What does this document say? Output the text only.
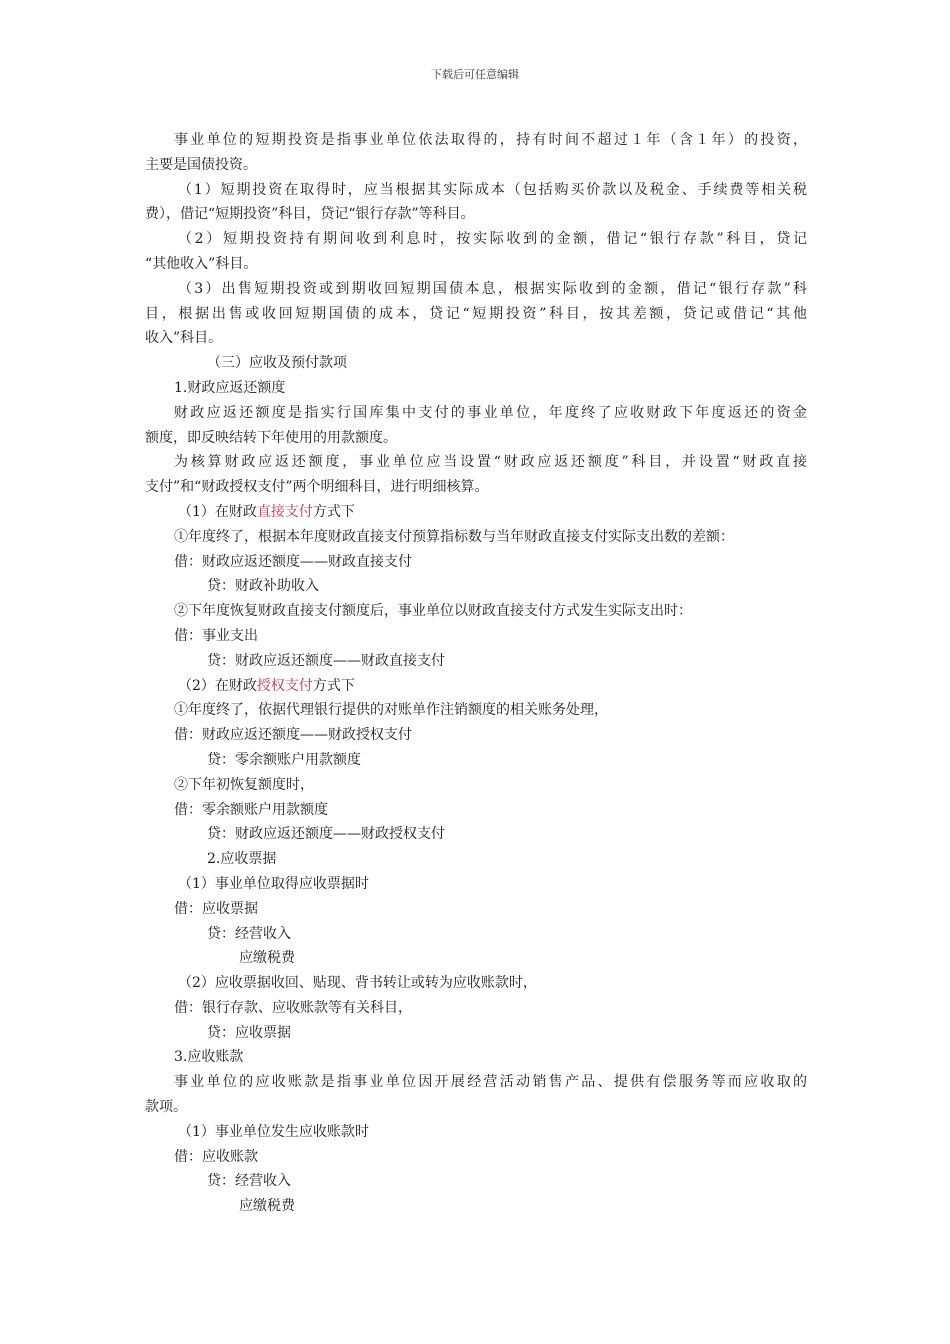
下载后可任意编辑
事业单位的短期投资是指事业单位依法取得的，持有时间不超过１年（含１年）的投资，
主要是国债投资。
（1）短期投资在取得时，应当根据其实际成本（包括购买价款以及税金、手续费等相关税
费），借记“短期投资”科目，贷记“银行存款”等科目。
（2）短期投资持有期间收到利息时，按实际收到的金额，借记“银行存款”科目，贷记
“其他收入”科目。
（3）出售短期投资或到期收回短期国债本息，根据实际收到的金额，借记“银行存款”科
目，根据出售或收回短期国债的成本，贷记“短期投资”科目，按其差额，贷记或借记“其他
收入”科目。
（三）应收及预付款项
1.财政应返还额度
财政应返还额度是指实行国库集中支付的事业单位，年度终了应收财政下年度返还的资金
额度，即反映结转下年使用的用款额度。
为核算财政应返还额度，事业单位应当设置“财政应返还额度”科目，并设置“财政直接
支付”和“财政授权支付”两个明细科目，进行明细核算。
（1）在财政直接支付方式下
①年度终了，根据本年度财政直接支付预算指标数与当年财政直接支付实际支出数的差额：
借：财政应返还额度——财政直接支付
贷：财政补助收入
②下年度恢复财政直接支付额度后，事业单位以财政直接支付方式发生实际支出时：
借：事业支出
贷：财政应返还额度——财政直接支付
（2）在财政授权支付方式下
①年度终了，依据代理银行提供的对账单作注销额度的相关账务处理，
借：财政应返还额度——财政授权支付
贷：零余额账户用款额度
②下年初恢复额度时，
借：零余额账户用款额度
贷：财政应返还额度——财政授权支付
2.应收票据
（1）事业单位取得应收票据时
借：应收票据
贷：经营收入
应缴税费
（2）应收票据收回、贴现、背书转让或转为应收账款时，
借：银行存款、应收账款等有关科目，
贷：应收票据
3.应收账款
事业单位的应收账款是指事业单位因开展经营活动销售产品、提供有偿服务等而应收取的
款项。
（1）事业单位发生应收账款时
借：应收账款
贷：经营收入
应缴税费
